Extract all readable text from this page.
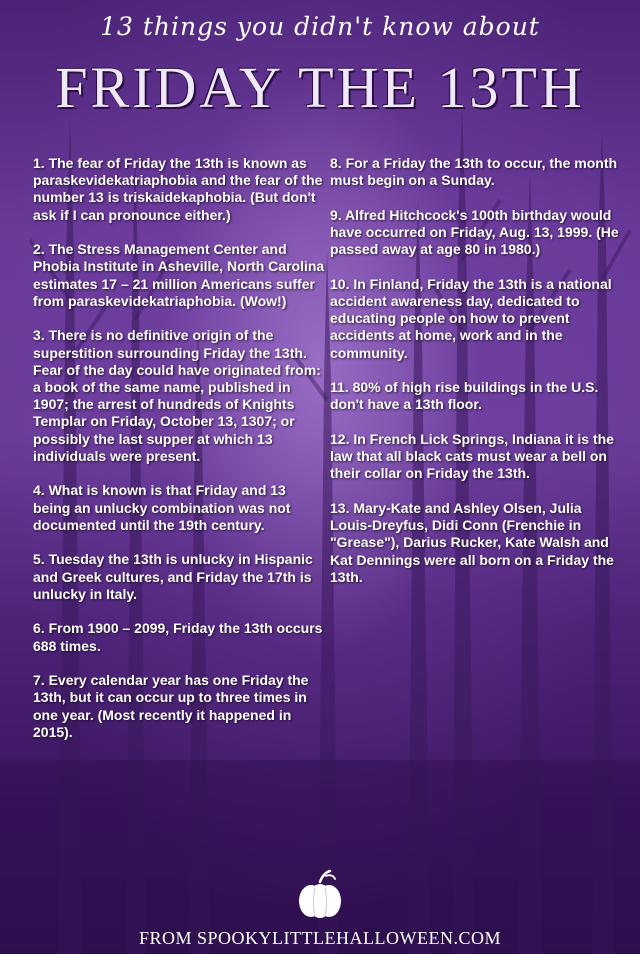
13 things you didn't know about
FRIDAY THE 13TH

1. The fear of Friday the 13th is known as paraskevidekatriaphobia and the fear of the number 13 is triskaidekaphobia. (But don't ask if I can pronounce either.)

2. The Stress Management Center and Phobia Institute in Asheville, North Carolina estimates 17 – 21 million Americans suffer from paraskevidekatriaphobia. (Wow!)

3. There is no definitive origin of the superstition surrounding Friday the 13th. Fear of the day could have originated from: a book of the same name, published in 1907; the arrest of hundreds of Knights Templar on Friday, October 13, 1307; or possibly the last supper at which 13 individuals were present.

4. What is known is that Friday and 13 being an unlucky combination was not documented until the 19th century.

5. Tuesday the 13th is unlucky in Hispanic and Greek cultures, and Friday the 17th is unlucky in Italy.

6. From 1900 – 2099, Friday the 13th occurs 688 times.

7. Every calendar year has one Friday the 13th, but it can occur up to three times in one year. (Most recently it happened in 2015).

8. For a Friday the 13th to occur, the month must begin on a Sunday.

9. Alfred Hitchcock's 100th birthday would have occurred on Friday, Aug. 13, 1999. (He passed away at age 80 in 1980.)

10. In Finland, Friday the 13th is a national accident awareness day, dedicated to educating people on how to prevent accidents at home, work and in the community.

11. 80% of high rise buildings in the U.S. don't have a 13th floor.

12. In French Lick Springs, Indiana it is the law that all black cats must wear a bell on their collar on Friday the 13th.

13. Mary-Kate and Ashley Olsen, Julia Louis-Dreyfus, Didi Conn (Frenchie in "Grease"), Darius Rucker, Kate Walsh and Kat Dennings were all born on a Friday the 13th.

FROM SPOOKYLITTLEHALLOWEEN.COM
